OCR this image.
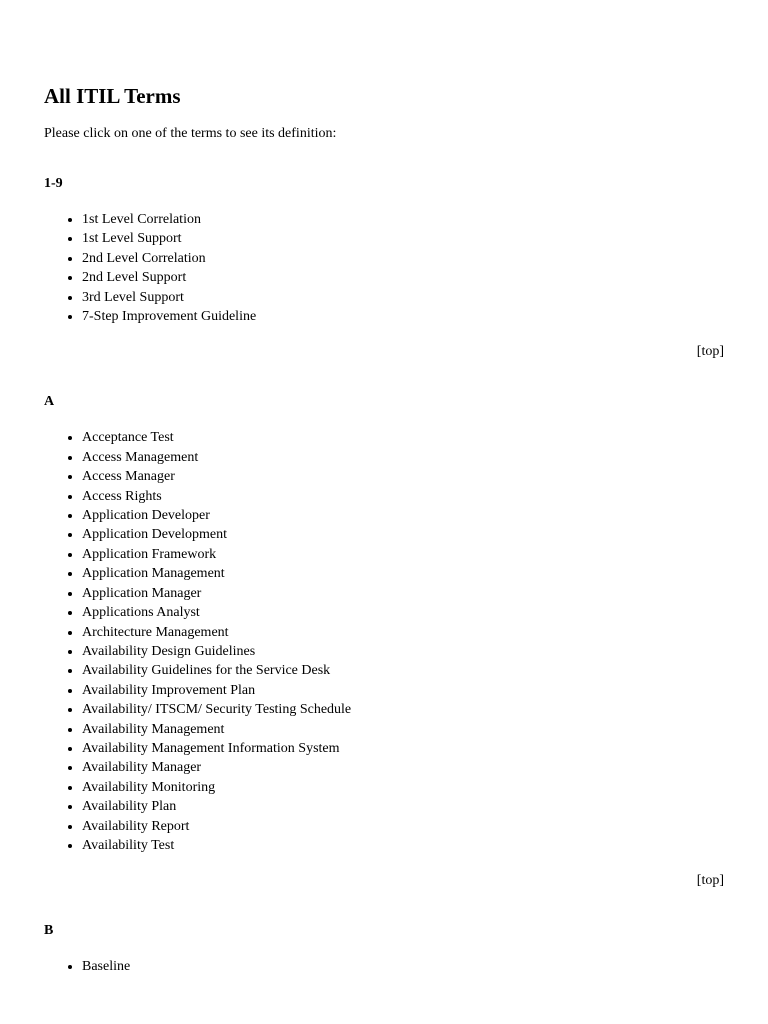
All ITIL Terms

Please click on one of the terms to see its definition:

1-9
• 1st Level Correlation
• 1st Level Support
• 2nd Level Correlation
• 2nd Level Support
• 3rd Level Support
• 7-Step Improvement Guideline

[top]

A
• Acceptance Test
• Access Management
• Access Manager
• Access Rights
• Application Developer
• Application Development
• Application Framework
• Application Management
• Application Manager
• Applications Analyst
• Architecture Management
• Availability Design Guidelines
• Availability Guidelines for the Service Desk
• Availability Improvement Plan
• Availability/ ITSCM/ Security Testing Schedule
• Availability Management
• Availability Management Information System
• Availability Manager
• Availability Monitoring
• Availability Plan
• Availability Report
• Availability Test

[top]

B
• Baseline
